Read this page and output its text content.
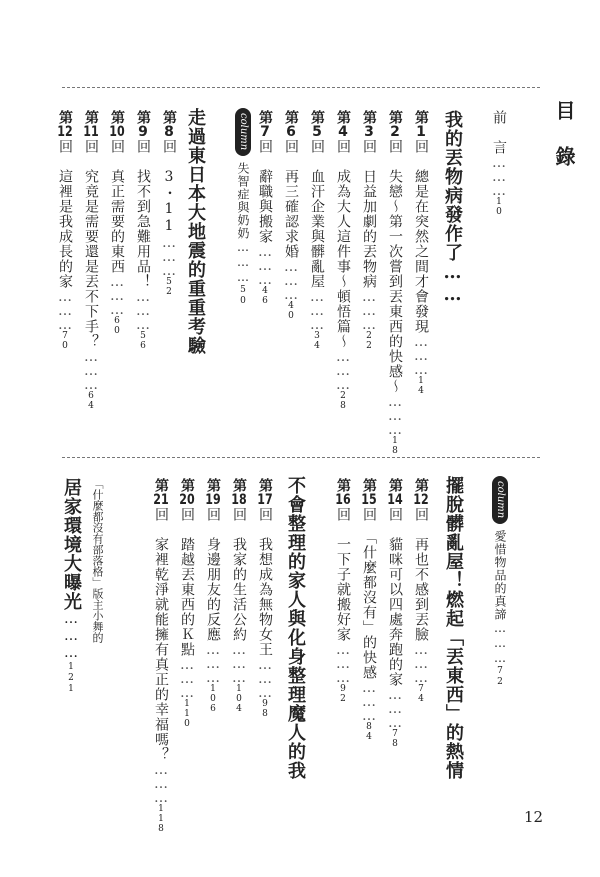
目　錄
前　言………10
我的丟物病發作了……
第1回　總是在突然之間才會發現………14
第2回　失戀～第一次嘗到丟東西的快感～………18
第3回　日益加劇的丟物病………22
第4回　成為大人這件事～頓悟篇～………28
第5回　血汗企業與髒亂屋………34
第6回　再三確認求婚………40
第7回　辭職與搬家………46
column
失智症與奶奶………50
走過東日本大地震的重重考驗
第8回　3・11………52
第9回　找不到急難用品！………56
第10回　真正需要的東西………60
第11回　究竟是需要還是丟不下手？………64
第12回　這裡是我成長的家………70
column
愛惜物品的真諦………72
擺脫髒亂屋！燃起「丟東西」的熱情
第12回　再也不感到丟臉………74
第14回　貓咪可以四處奔跑的家………78
第15回　「什麼都沒有」的快感………84
第16回　一下子就搬好家………92
不會整理的家人與化身整理魔人的我
第17回　我想成為無物女王………98
第18回　我家的生活公約………104
第19回　身邊朋友的反應………106
第20回　踏越丟東西的Ｋ點………110
第21回　家裡乾淨就能擁有真正的幸福嗎？………118
「什麼都沒有部落格」版主小舞的
居家環境大曝光………121
12
